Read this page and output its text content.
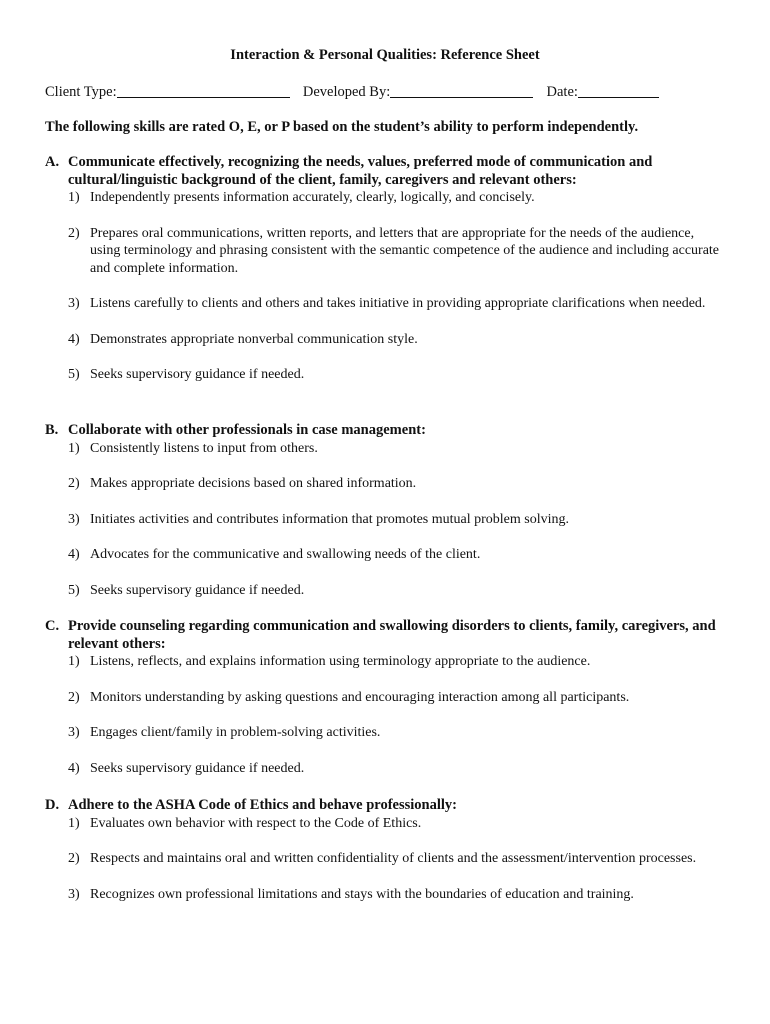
Interaction & Personal Qualities: Reference Sheet
Client Type:	Developed By:	Date:
The following skills are rated O, E, or P based on the student’s ability to perform independently.
A. Communicate effectively, recognizing the needs, values, preferred mode of communication and cultural/linguistic background of the client, family, caregivers and relevant others:
1) Independently presents information accurately, clearly, logically, and concisely.
2) Prepares oral communications, written reports, and letters that are appropriate for the needs of the audience, using terminology and phrasing consistent with the semantic competence of the audience and including accurate and complete information.
3) Listens carefully to clients and others and takes initiative in providing appropriate clarifications when needed.
4) Demonstrates appropriate nonverbal communication style.
5) Seeks supervisory guidance if needed.
B. Collaborate with other professionals in case management:
1) Consistently listens to input from others.
2) Makes appropriate decisions based on shared information.
3) Initiates activities and contributes information that promotes mutual problem solving.
4) Advocates for the communicative and swallowing needs of the client.
5) Seeks supervisory guidance if needed.
C. Provide counseling regarding communication and swallowing disorders to clients, family, caregivers, and relevant others:
1) Listens, reflects, and explains information using terminology appropriate to the audience.
2) Monitors understanding by asking questions and encouraging interaction among all participants.
3) Engages client/family in problem-solving activities.
4) Seeks supervisory guidance if needed.
D. Adhere to the ASHA Code of Ethics and behave professionally:
1) Evaluates own behavior with respect to the Code of Ethics.
2) Respects and maintains oral and written confidentiality of clients and the assessment/intervention processes.
3) Recognizes own professional limitations and stays with the boundaries of education and training.
